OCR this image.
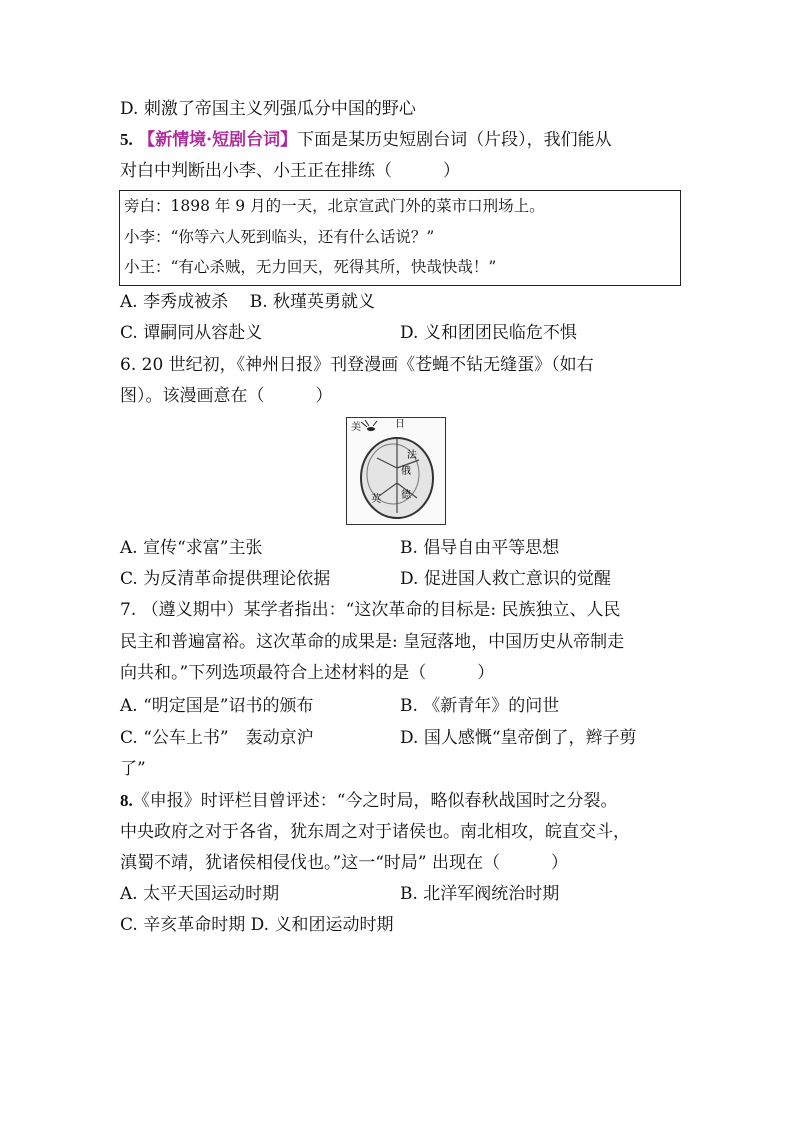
D. 刺激了帝国主义列强瓜分中国的野心
5. 【新情境·短剧台词】下面是某历史短剧台词（片段），我们能从
对白中判断出小李、小王正在排练（　　　）
旁白：1898 年 9 月的一天，北京宣武门外的菜市口刑场上。
小李：“你等六人死到临头，还有什么话说？”
小王：“有心杀贼，无力回天，死得其所，快哉快哉！”
A. 李秀成被杀 B. 秋瑾英勇就义
C. 谭嗣同从容赴义	D. 义和团团民临危不惧
6. 20 世纪初，《神州日报》刊登漫画《苍蝇不钻无缝蛋》（如右
图）。该漫画意在（　　　）
美	日
法
俄
英 德
A. 宣传“求富”主张	B. 倡导自由平等思想
C. 为反清革命提供理论依据	D. 促进国人救亡意识的觉醒
7. （遵义期中）某学者指出：“这次革命的目标是: 民族独立、人民
民主和普遍富裕。这次革命的成果是: 皇冠落地，中国历史从帝制走
向共和。”下列选项最符合上述材料的是（　　　）
A. “明定国是”诏书的颁布	B. 《新青年》的问世
C. “公车上书”　轰动京沪	D. 国人感慨“皇帝倒了，辫子剪
了”
8.《申报》时评栏目曾评述：“今之时局，略似春秋战国时之分裂。
中央政府之对于各省，犹东周之对于诸侯也。南北相攻，皖直交斗，
滇蜀不靖，犹诸侯相侵伐也。”这一“时局” 出现在（　　　）
A. 太平天国运动时期	B. 北洋军阀统治时期
C. 辛亥革命时期 D. 义和团运动时期
